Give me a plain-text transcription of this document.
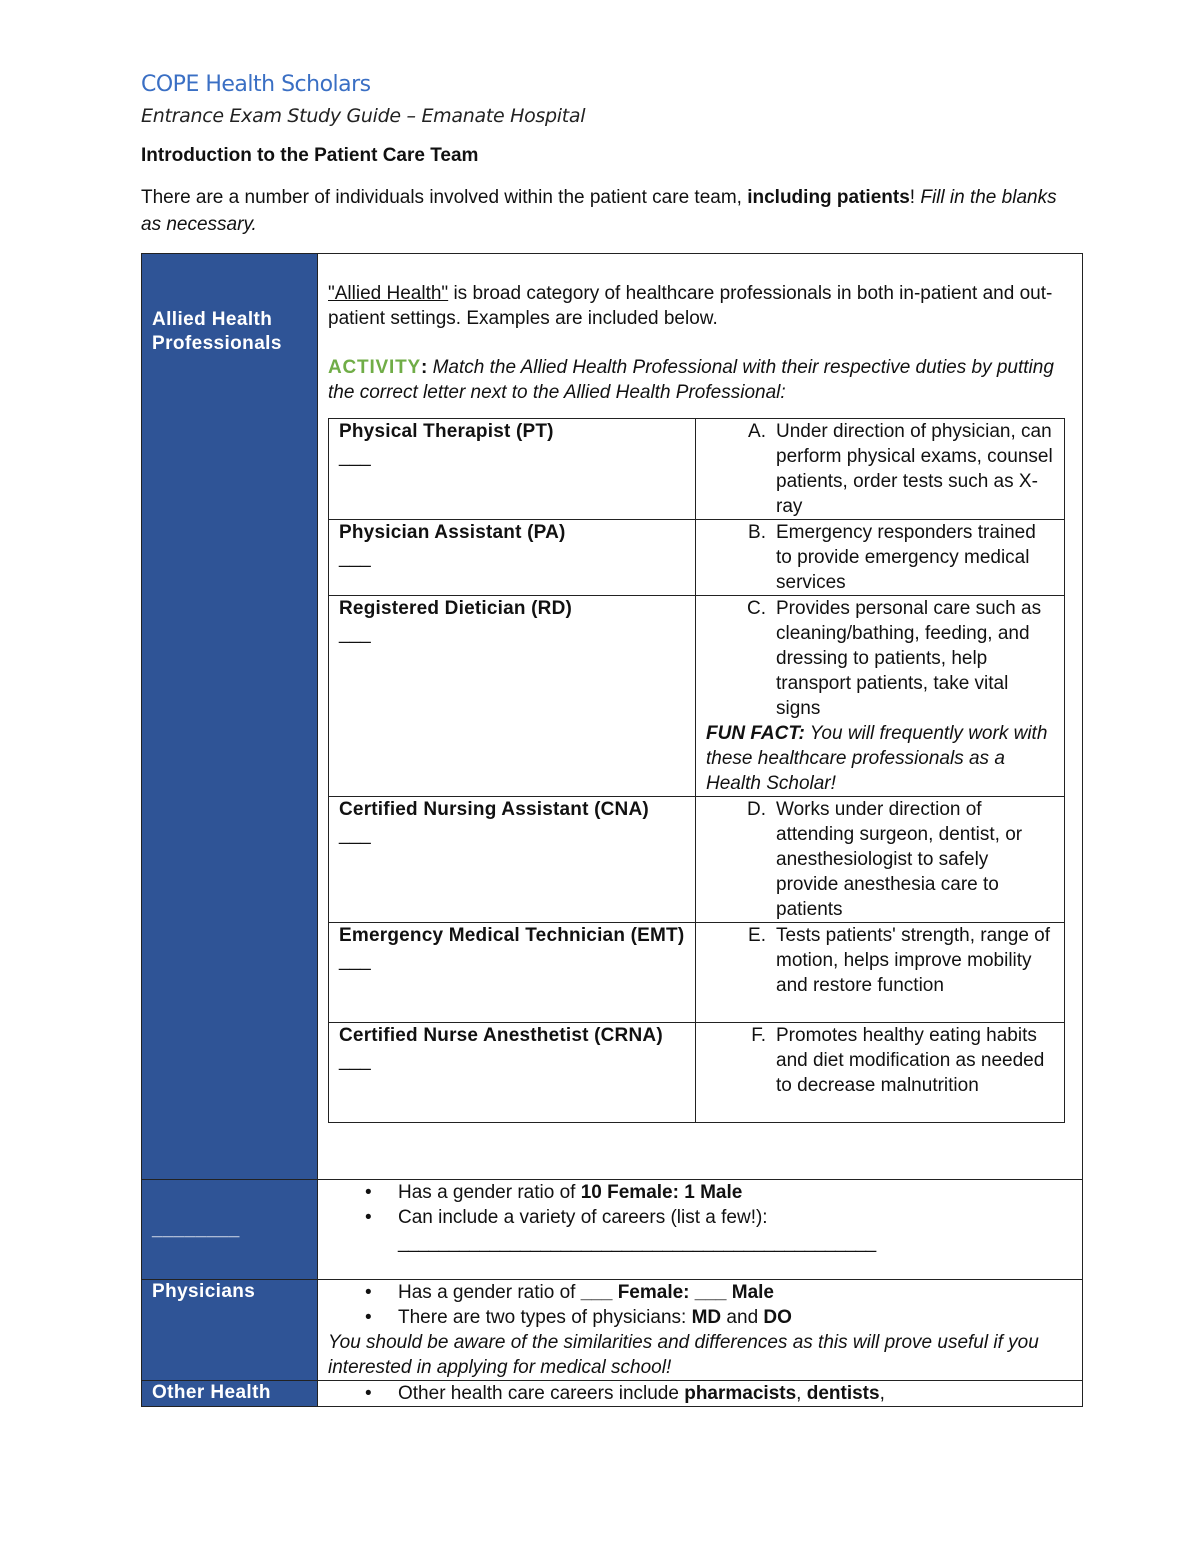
COPE Health Scholars

Entrance Exam Study Guide – Emanate Hospital

Introduction to the Patient Care Team

There are a number of individuals involved within the patient care team, including patients! Fill in the blanks as necessary.

Allied Health
Professionals

"Allied Health" is broad category of healthcare professionals in both in-patient and out-patient settings. Examples are included below.
ACTIVITY: Match the Allied Health Professional with their respective duties by putting the correct letter next to the Allied Health Professional:
Physical Therapist (PT)
___

A. Under direction of physician, can perform physical exams, counsel patients, order tests such as X-ray

Physician Assistant (PA)
___

B. Emergency responders trained to provide emergency medical services

Registered Dietician (RD)
___

C. Provides personal care such as cleaning/bathing, feeding, and dressing to patients, help transport patients, take vital signs
FUN FACT: You will frequently work with these healthcare professionals as a Health Scholar!

Certified Nursing Assistant (CNA)
___

D. Works under direction of attending surgeon, dentist, or anesthesiologist to safely provide anesthesia care to patients

Emergency Medical Technician (EMT)
___

E. Tests patients' strength, range of motion, helps improve mobility and restore function

Certified Nurse Anesthetist (CRNA)
___

F. Promotes healthy eating habits and diet modification as needed to decrease malnutrition

________	
• Has a gender ratio of 10 Female: 1 Male
• Can include a variety of careers (list a few!):
_______________________________________________

Physicians	
•Has a gender ratio of ___ Female: ___ Male
• There are two types of physicians: MD and DO
You should be aware of the similarities and differences as this will prove useful if you interested in applying for medical school!

Other Health	
•Other health care careers include pharmacists, dentists,
